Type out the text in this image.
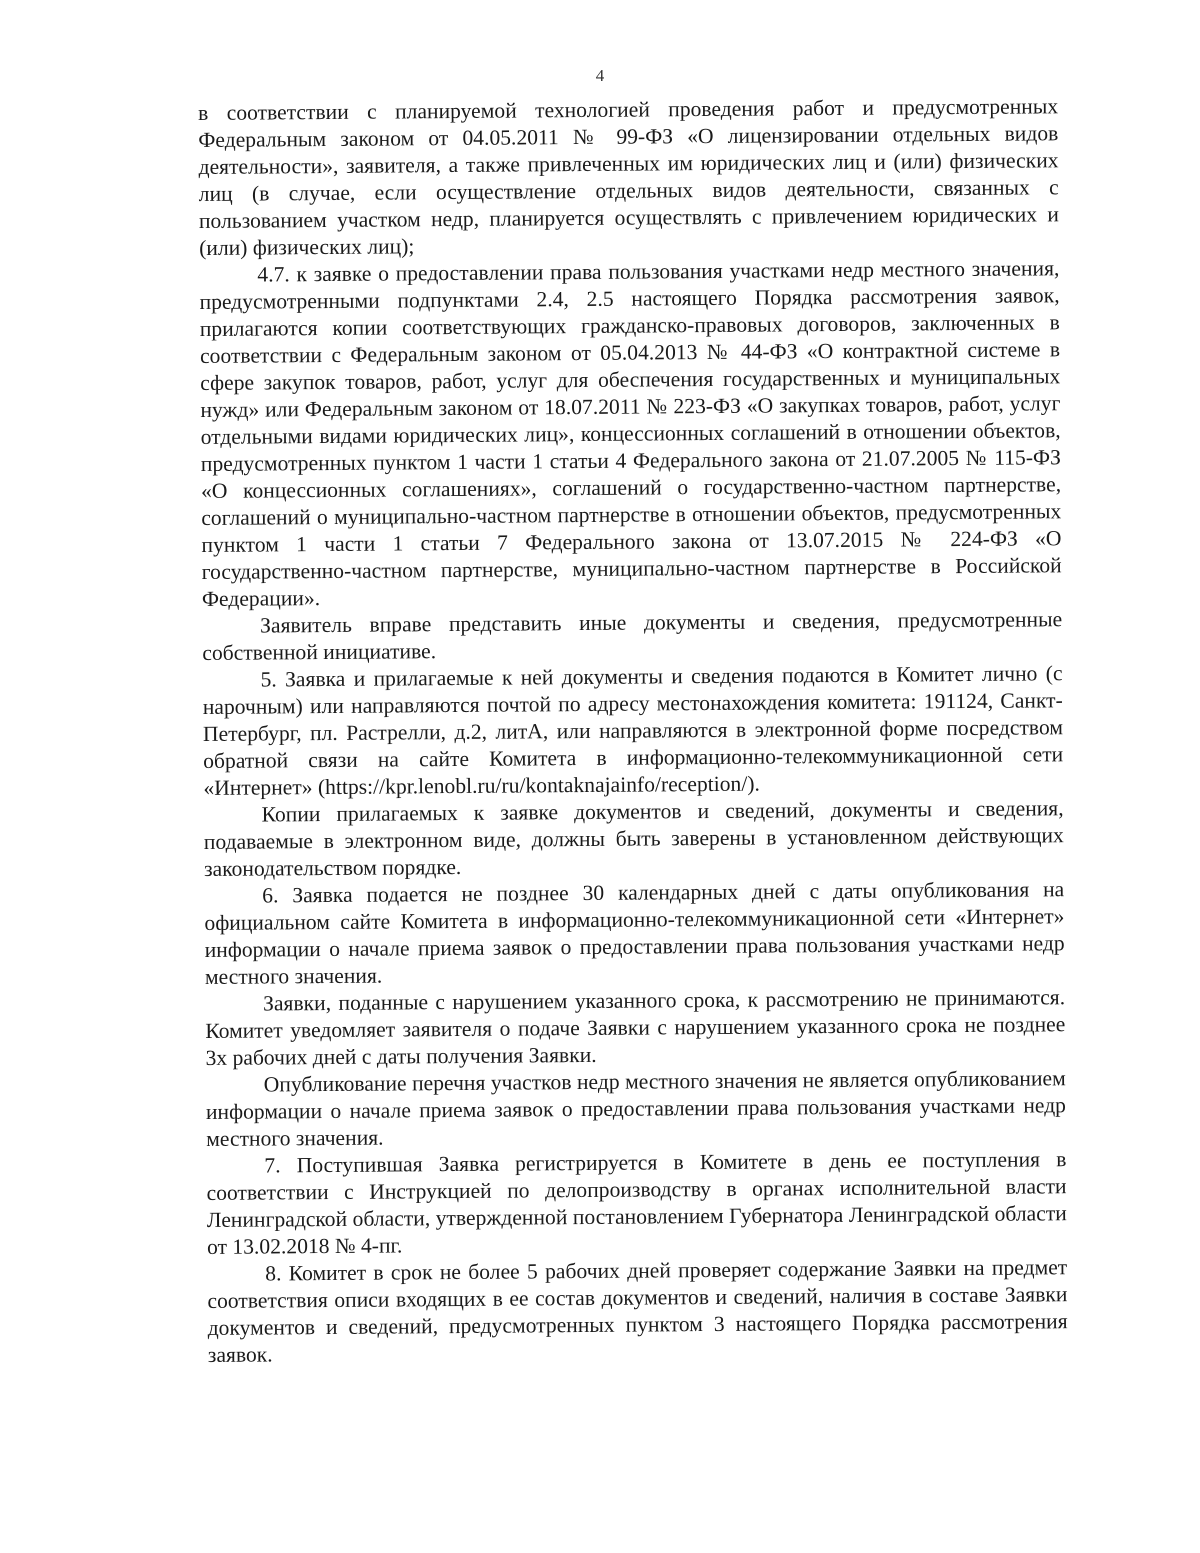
4

в соответствии с планируемой технологией проведения работ и предусмотренных Федеральным законом от 04.05.2011 № 99-ФЗ «О лицензировании отдельных видов деятельности», заявителя, а также привлеченных им юридических лиц и (или) физических лиц (в случае, если осуществление отдельных видов деятельности, связанных с пользованием участком недр, планируется осуществлять с привлечением юридических и (или) физических лиц);

4.7. к заявке о предоставлении права пользования участками недр местного значения, предусмотренными подпунктами 2.4, 2.5 настоящего Порядка рассмотрения заявок, прилагаются копии соответствующих гражданско-правовых договоров, заключенных в соответствии с Федеральным законом от 05.04.2013 № 44-ФЗ «О контрактной системе в сфере закупок товаров, работ, услуг для обеспечения государственных и муниципальных нужд» или Федеральным законом от 18.07.2011 № 223-ФЗ «О закупках товаров, работ, услуг отдельными видами юридических лиц», концессионных соглашений в отношении объектов, предусмотренных пунктом 1 части 1 статьи 4 Федерального закона от 21.07.2005 № 115-ФЗ «О концессионных соглашениях», соглашений о государственно-частном партнерстве, соглашений о муниципально-частном партнерстве в отношении объектов, предусмотренных пунктом 1 части 1 статьи 7 Федерального закона от 13.07.2015 № 224-ФЗ «О государственно-частном партнерстве, муниципально-частном партнерстве в Российской Федерации».

Заявитель вправе представить иные документы и сведения, предусмотренные собственной инициативе.

5. Заявка и прилагаемые к ней документы и сведения подаются в Комитет лично (с нарочным) или направляются почтой по адресу местонахождения комитета: 191124, Санкт-Петербург, пл. Растрелли, д.2, литА, или направляются в электронной форме посредством обратной связи на сайте Комитета в информационно-телекоммуникационной сети «Интернет» (https://kpr.lenobl.ru/ru/kontaknajainfo/reception/).

Копии прилагаемых к заявке документов и сведений, документы и сведения, подаваемые в электронном виде, должны быть заверены в установленном действующих законодательством порядке.

6. Заявка подается не позднее 30 календарных дней с даты опубликования на официальном сайте Комитета в информационно-телекоммуникационной сети «Интернет» информации о начале приема заявок о предоставлении права пользования участками недр местного значения.

Заявки, поданные с нарушением указанного срока, к рассмотрению не принимаются. Комитет уведомляет заявителя о подаче Заявки с нарушением указанного срока не позднее 3х рабочих дней с даты получения Заявки.

Опубликование перечня участков недр местного значения не является опубликованием информации о начале приема заявок о предоставлении права пользования участками недр местного значения.

7. Поступившая Заявка регистрируется в Комитете в день ее поступления в соответствии с Инструкцией по делопроизводству в органах исполнительной власти Ленинградской области, утвержденной постановлением Губернатора Ленинградской области от 13.02.2018 № 4-пг.

8. Комитет в срок не более 5 рабочих дней проверяет содержание Заявки на предмет соответствия описи входящих в ее состав документов и сведений, наличия в составе Заявки документов и сведений, предусмотренных пунктом 3 настоящего Порядка рассмотрения заявок.
